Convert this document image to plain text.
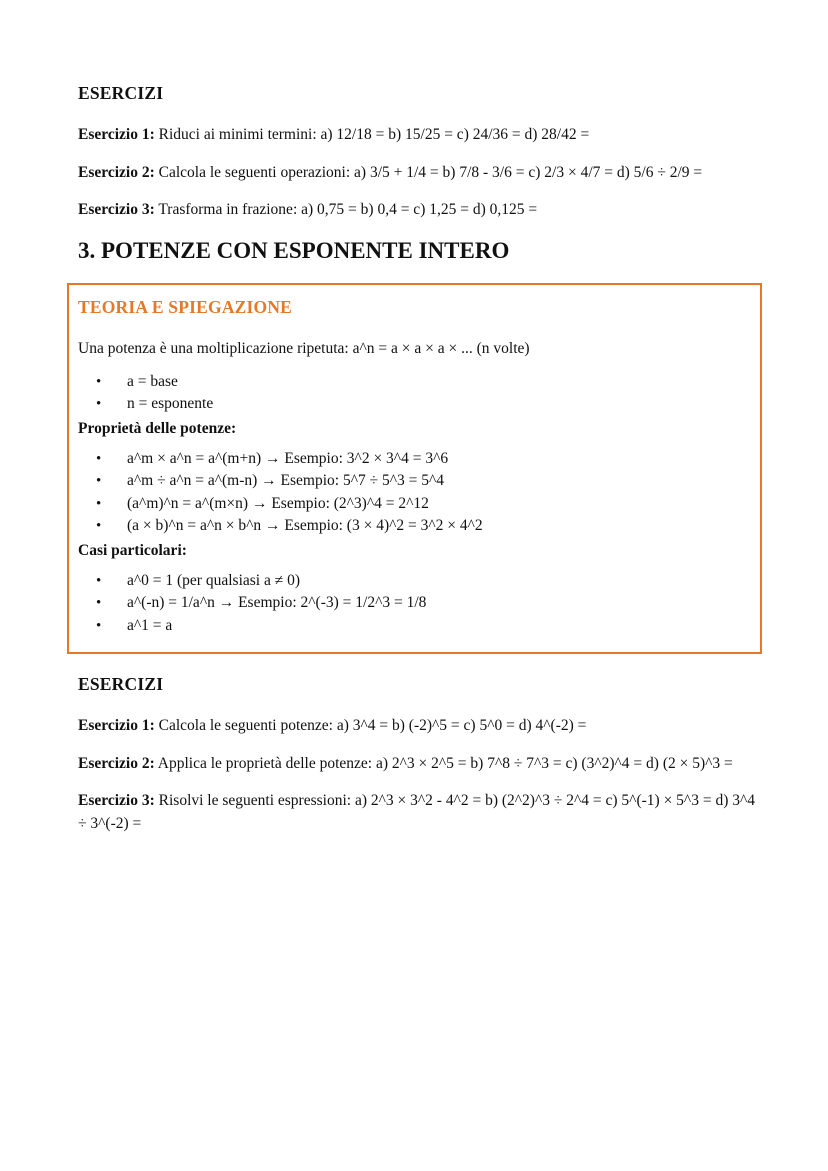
ESERCIZI

Esercizio 1: Riduci ai minimi termini: a) 12/18 = b) 15/25 = c) 24/36 = d) 28/42 =

Esercizio 2: Calcola le seguenti operazioni: a) 3/5 + 1/4 = b) 7/8 - 3/6 = c) 2/3 × 4/7 = d) 5/6 ÷ 2/9 =

Esercizio 3: Trasforma in frazione: a) 0,75 = b) 0,4 = c) 1,25 = d) 0,125 =

3. POTENZE CON ESPONENTE INTERO
TEORIA E SPIEGAZIONE

Una potenza è una moltiplicazione ripetuta: a^n = a × a × a × ... (n volte)

• a = base
• n = esponente

Proprietà delle potenze:

• a^m × a^n = a^(m+n) → Esempio: 3^2 × 3^4 = 3^6
• a^m ÷ a^n = a^(m-n) → Esempio: 5^7 ÷ 5^3 = 5^4
• (a^m)^n = a^(m×n) → Esempio: (2^3)^4 = 2^12
• (a × b)^n = a^n × b^n → Esempio: (3 × 4)^2 = 3^2 × 4^2

Casi particolari:

• a^0 = 1 (per qualsiasi a ≠ 0)
• a^(-n) = 1/a^n → Esempio: 2^(-3) = 1/2^3 = 1/8
• a^1 = a
ESERCIZI

Esercizio 1: Calcola le seguenti potenze: a) 3^4 = b) (-2)^5 = c) 5^0 = d) 4^(-2) =

Esercizio 2: Applica le proprietà delle potenze: a) 2^3 × 2^5 = b) 7^8 ÷ 7^3 = c) (3^2)^4 = d) (2 × 5)^3 =

Esercizio 3: Risolvi le seguenti espressioni: a) 2^3 × 3^2 - 4^2 = b) (2^2)^3 ÷ 2^4 = c) 5^(-1) × 5^3 = d) 3^4 ÷ 3^(-2) =
